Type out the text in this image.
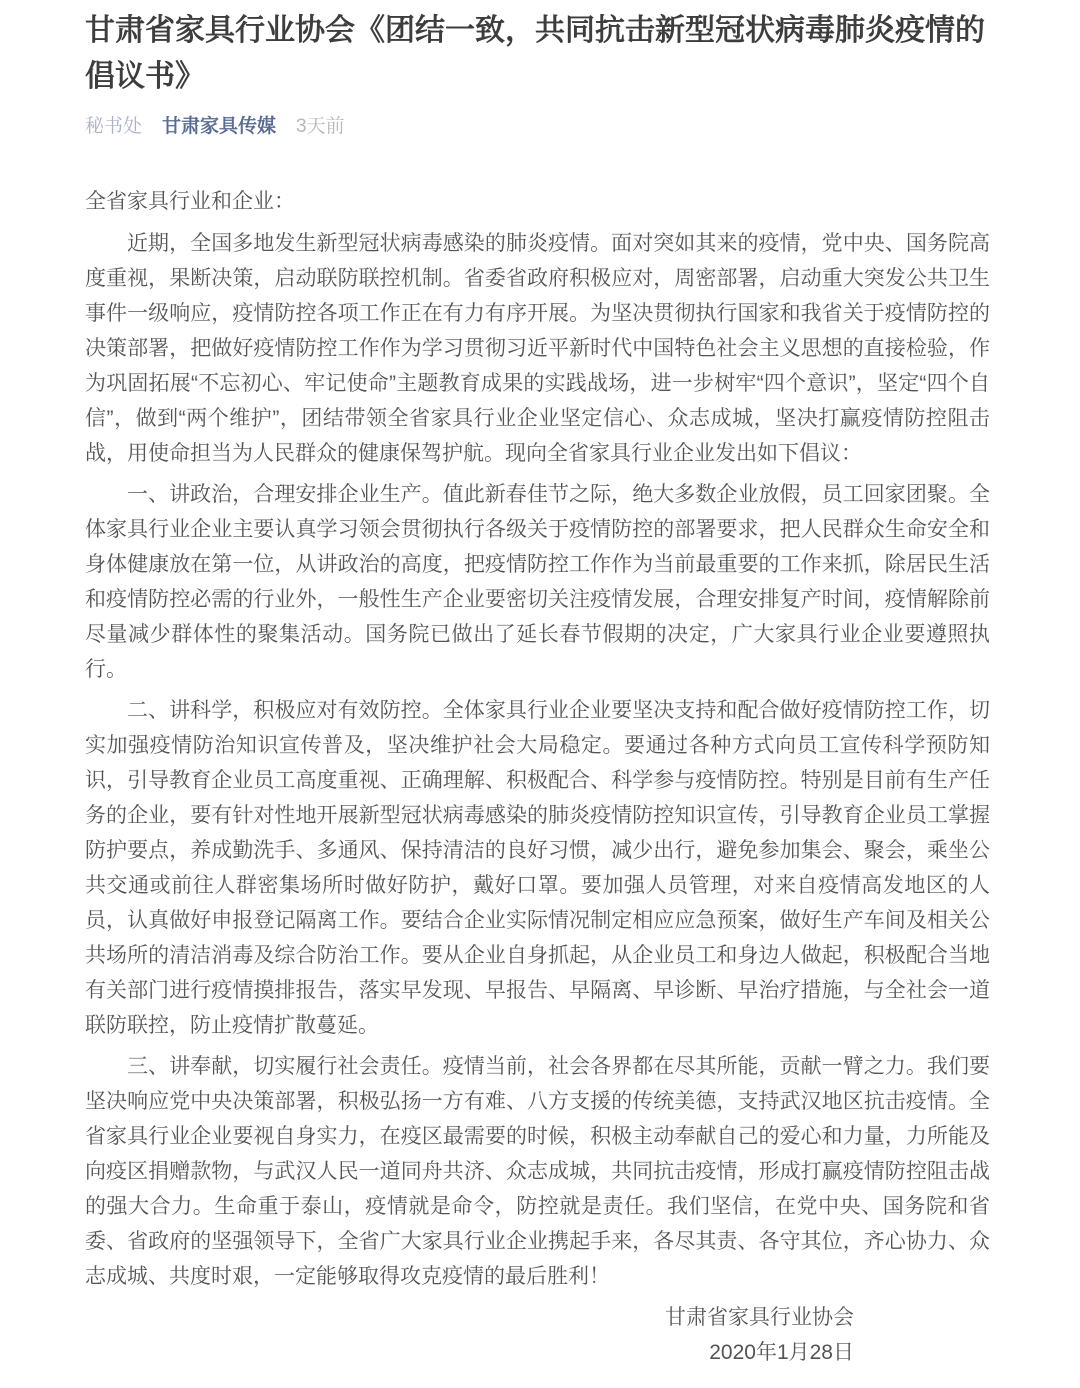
甘肃省家具行业协会《团结一致，共同抗击新型冠状病毒肺炎疫情的倡议书》
秘书处 甘肃家具传媒 3天前

全省家具行业和企业：

近期，全国多地发生新型冠状病毒感染的肺炎疫情。面对突如其来的疫情，党中央、国务院高度重视，果断决策，启动联防联控机制。省委省政府积极应对，周密部署，启动重大突发公共卫生事件一级响应，疫情防控各项工作正在有力有序开展。为坚决贯彻执行国家和我省关于疫情防控的决策部署，把做好疫情防控工作作为学习贯彻习近平新时代中国特色社会主义思想的直接检验，作为巩固拓展“不忘初心、牢记使命”主题教育成果的实践战场，进一步树牢“四个意识”，坚定“四个自信”，做到“两个维护”，团结带领全省家具行业企业坚定信心、众志成城，坚决打赢疫情防控阻击战，用使命担当为人民群众的健康保驾护航。现向全省家具行业企业发出如下倡议：

一、讲政治，合理安排企业生产。值此新春佳节之际，绝大多数企业放假，员工回家团聚。全体家具行业企业主要认真学习领会贯彻执行各级关于疫情防控的部署要求，把人民群众生命安全和身体健康放在第一位，从讲政治的高度，把疫情防控工作作为当前最重要的工作来抓，除居民生活和疫情防控必需的行业外，一般性生产企业要密切关注疫情发展，合理安排复产时间，疫情解除前尽量减少群体性的聚集活动。国务院已做出了延长春节假期的决定，广大家具行业企业要遵照执行。

二、讲科学，积极应对有效防控。全体家具行业企业要坚决支持和配合做好疫情防控工作，切实加强疫情防治知识宣传普及，坚决维护社会大局稳定。要通过各种方式向员工宣传科学预防知识，引导教育企业员工高度重视、正确理解、积极配合、科学参与疫情防控。特别是目前有生产任务的企业，要有针对性地开展新型冠状病毒感染的肺炎疫情防控知识宣传，引导教育企业员工掌握防护要点，养成勤洗手、多通风、保持清洁的良好习惯，减少出行，避免参加集会、聚会，乘坐公共交通或前往人群密集场所时做好防护，戴好口罩。要加强人员管理，对来自疫情高发地区的人员，认真做好申报登记隔离工作。要结合企业实际情况制定相应应急预案，做好生产车间及相关公共场所的清洁消毒及综合防治工作。要从企业自身抓起，从企业员工和身边人做起，积极配合当地有关部门进行疫情摸排报告，落实早发现、早报告、早隔离、早诊断、早治疗措施，与全社会一道联防联控，防止疫情扩散蔓延。

三、讲奉献，切实履行社会责任。疫情当前，社会各界都在尽其所能，贡献一臂之力。我们要坚决响应党中央决策部署，积极弘扬一方有难、八方支援的传统美德，支持武汉地区抗击疫情。全省家具行业企业要视自身实力，在疫区最需要的时候，积极主动奉献自己的爱心和力量，力所能及向疫区捐赠款物，与武汉人民一道同舟共济、众志成城，共同抗击疫情，形成打赢疫情防控阻击战的强大合力。生命重于泰山，疫情就是命令，防控就是责任。我们坚信，在党中央、国务院和省委、省政府的坚强领导下，全省广大家具行业企业携起手来，各尽其责、各守其位，齐心协力、众志成城、共度时艰，一定能够取得攻克疫情的最后胜利！

甘肃省家具行业协会

2020年1月28日
